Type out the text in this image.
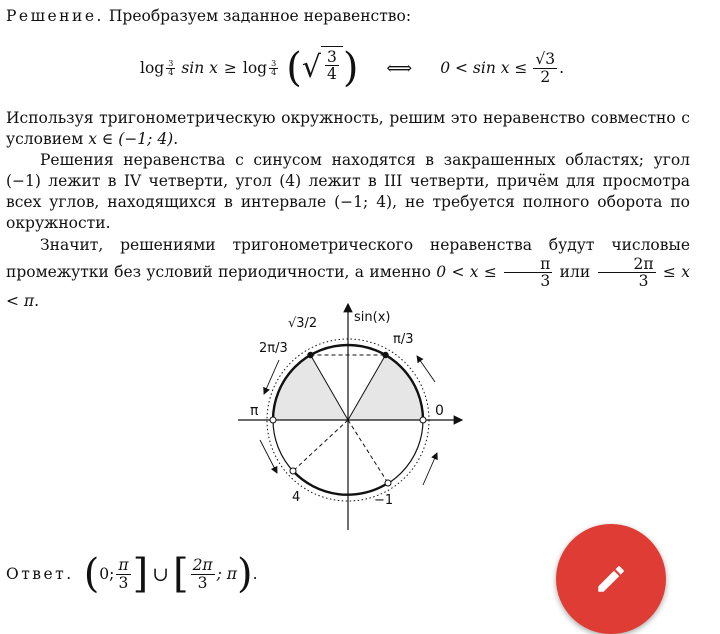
Решение. Преобразуем заданное неравенство:
$\log \frac{3}{4}$ $\sin x \ge \log \frac{3}{4}$ ( √ $\frac{3}{4}$ ) ⟺ $0 < \sin x \le \frac{√3}{2}$ .

Используя тригонометрическую окружность, решим это неравенство совместно с условием x ∈ (−1; 4).

Решения неравенства с синусом находятся в закрашенных областях; угол (−1) лежит в IV четверти, угол (4) лежит в III четверти, причём для просмотра всех углов, находящихся в интервале (−1; 4), не требуется полного оборота по окружности.

Значит, решениями тригонометрического неравенства будут числовые промежутки без условий периодичности, а именно $0 < x \le \frac{\pi}{3}$ или $\frac{2\pi}{3} \le x < \pi$.

√3/2	sin(x)
2π/3
π/3
π	0
4	−1
Ответ. ( 0; $\frac{\pi}{3}$ ] ∪ [ $\frac{2\pi}{3}$ ; π ) .
